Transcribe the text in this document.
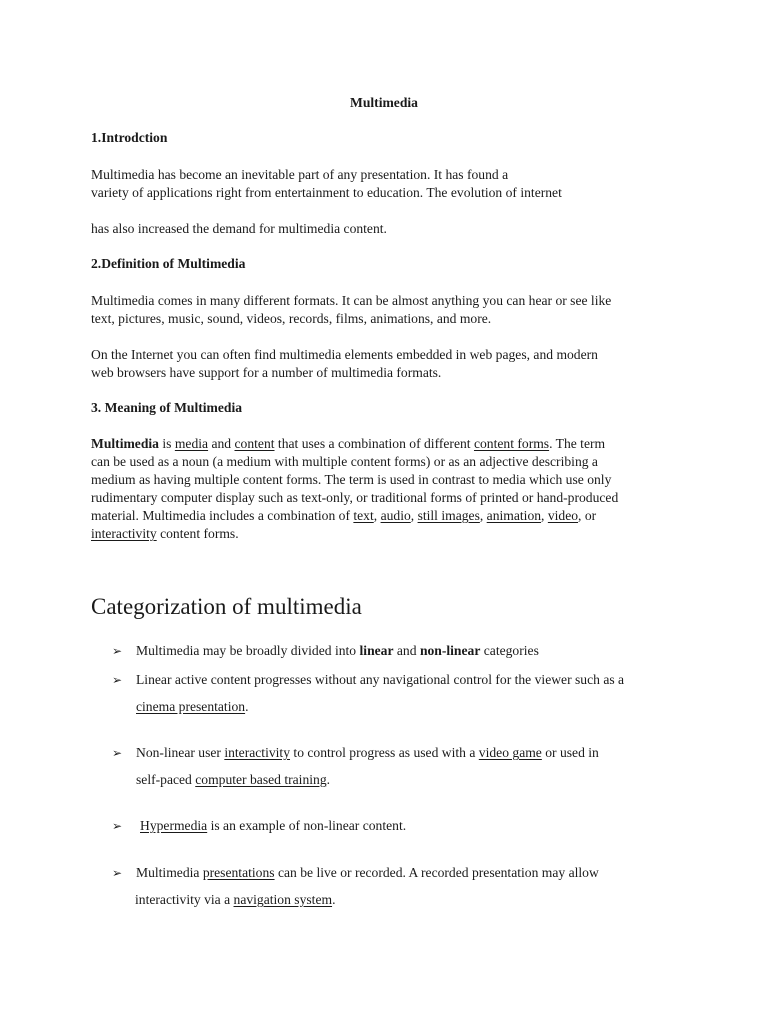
Multimedia
1.Introdction
Multimedia has become an inevitable part of any presentation. It has found a
variety of applications right from entertainment to education. The evolution of internet
has also increased the demand for multimedia content.
2.Definition of Multimedia
Multimedia comes in many different formats. It can be almost anything you can hear or see like
text, pictures, music, sound, videos, records, films, animations, and more.
On the Internet you can often find multimedia elements embedded in web pages, and modern
web browsers have support for a number of multimedia formats.
3. Meaning of Multimedia
Multimedia is media and content that uses a combination of different content forms. The term
can be used as a noun (a medium with multiple content forms) or as an adjective describing a
medium as having multiple content forms. The term is used in contrast to media which use only
rudimentary computer display such as text-only, or traditional forms of printed or hand-produced
material. Multimedia includes a combination of text, audio, still images, animation, video, or
interactivity content forms.
Categorization of multimedia
➢ Multimedia may be broadly divided into linear and non-linear categories
➢ Linear active content progresses without any navigational control for the viewer such as a
cinema presentation.
➢ Non-linear user interactivity to control progress as used with a video game or used in
self-paced computer based training.
➢ Hypermedia is an example of non-linear content.
➢ Multimedia presentations can be live or recorded. A recorded presentation may allow
interactivity via a navigation system.
